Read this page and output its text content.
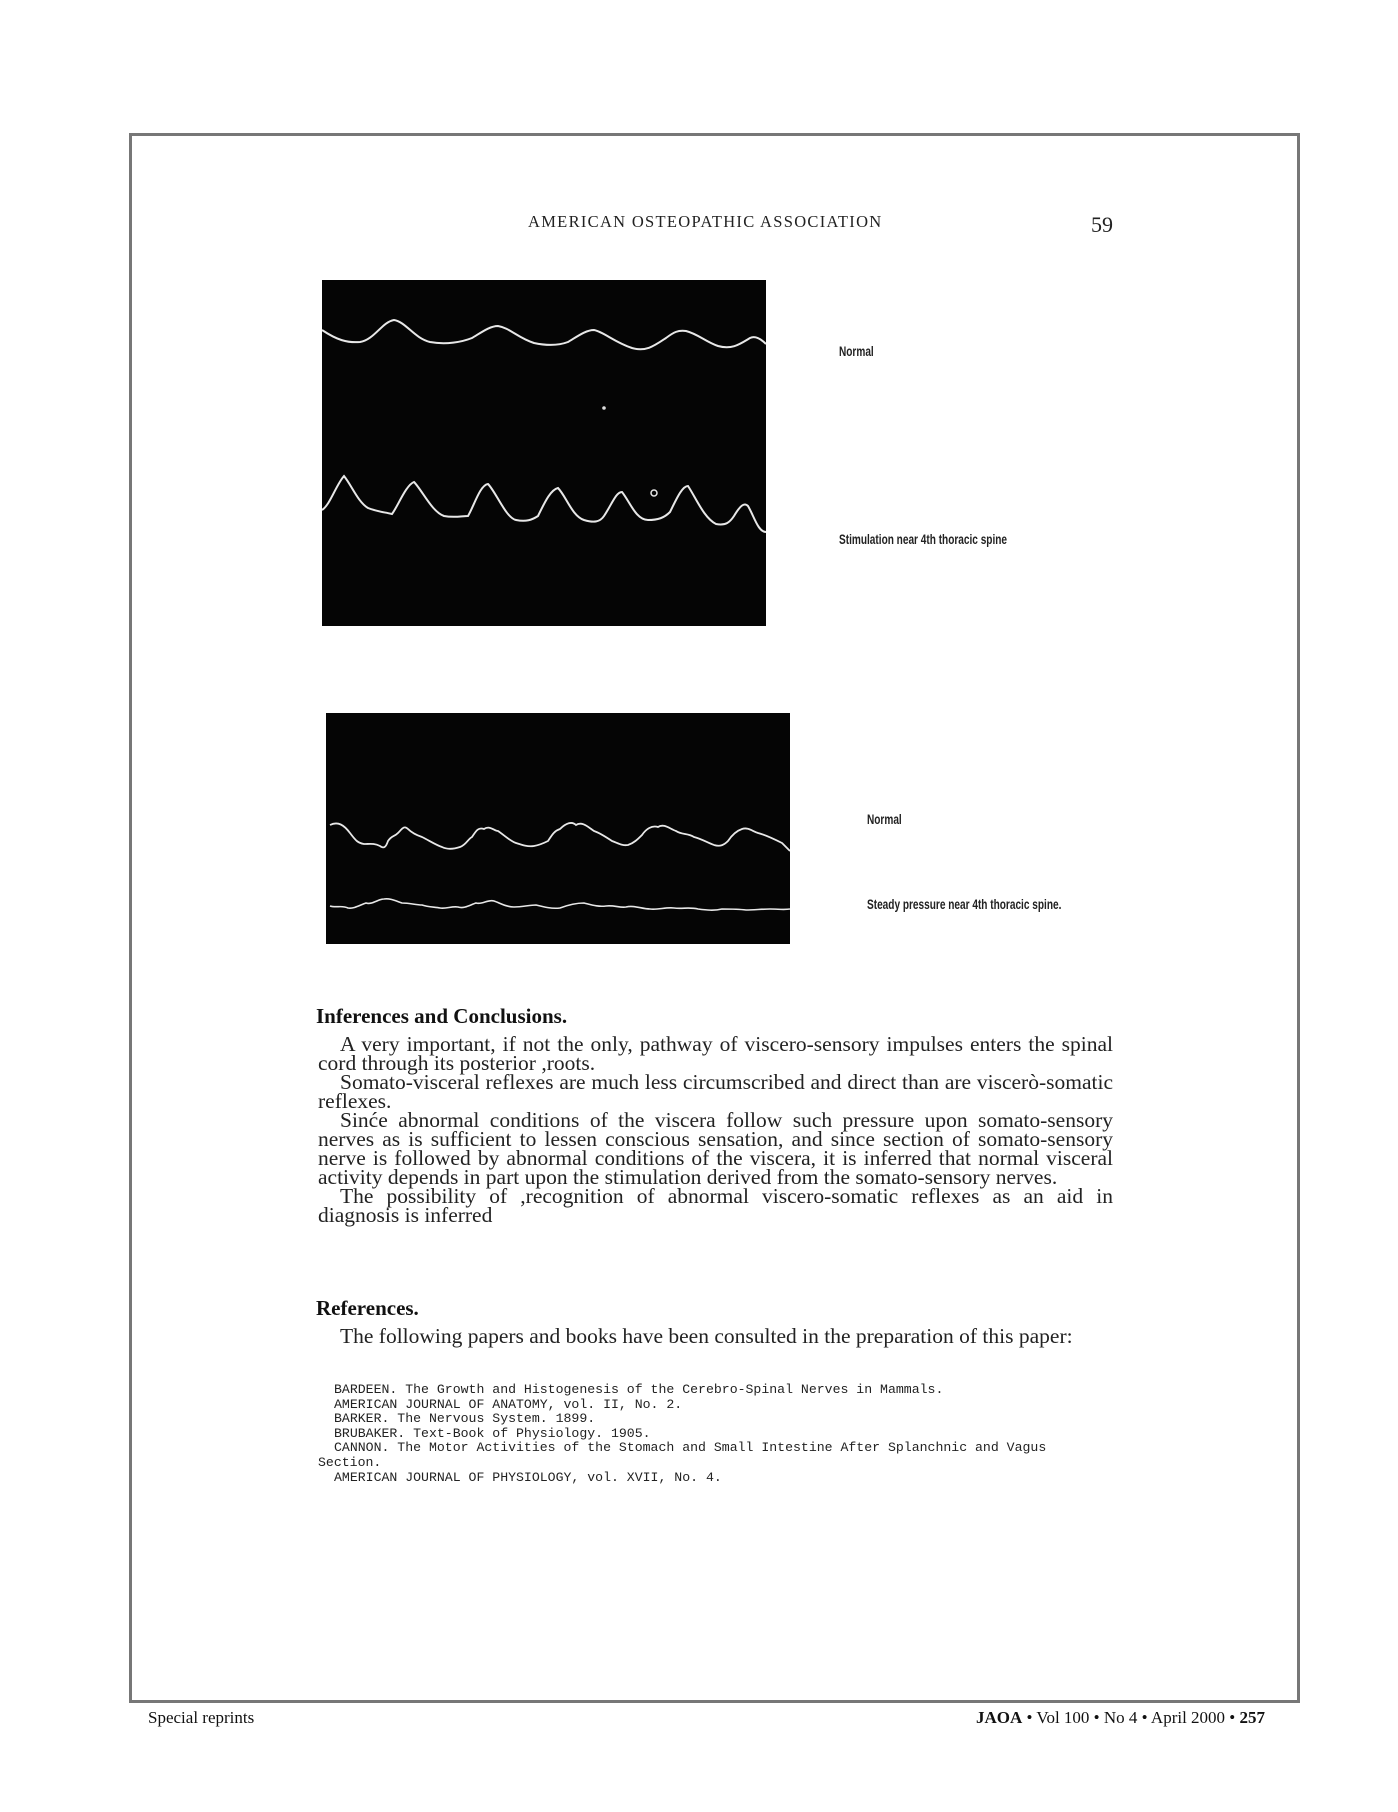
AMERICAN OSTEOPATHIC ASSOCIATION	59
Normal
Stimulation near 4th thoracic spine
Normal
Steady pressure near 4th thoracic spine.
Inferences and Conclusions.

A very important, if not the only, pathway of viscero-sensory impulses enters the spinal cord through its posterior ,roots.

Somato-visceral reflexes are much less circumscribed and direct than are viscerò-somatic reflexes.

Sinće abnormal conditions of the viscera follow such pressure upon somato-sensory nerves as is sufficient to lessen conscious sensation, and since section of somato-sensory nerve is followed by abnormal conditions of the viscera, it is inferred that normal visceral activity depends in part upon the stimulation derived from the somato-sensory nerves.

The possibility of ,recognition of abnormal viscero-somatic reflexes as an aid in diagnosis is inferred

References.

The following papers and books have been consulted in the preparation of this paper:

BARDEEN. The Growth and Histogenesis of the Cerebro-Spinal Nerves in Mammals.

AMERICAN JOURNAL OF ANATOMY, vol. II, No. 2.

BARKER. The Nervous System. 1899.

BRUBAKER. Text-Book of Physiology. 1905.

CANNON. The Motor Activities of the Stomach and Small Intestine After Splanchnic and Vagus Section.

AMERICAN JOURNAL OF PHYSIOLOGY, vol. XVII, No. 4.

Special reprints	JAOA • Vol 100 • No 4 • April 2000 • 257
